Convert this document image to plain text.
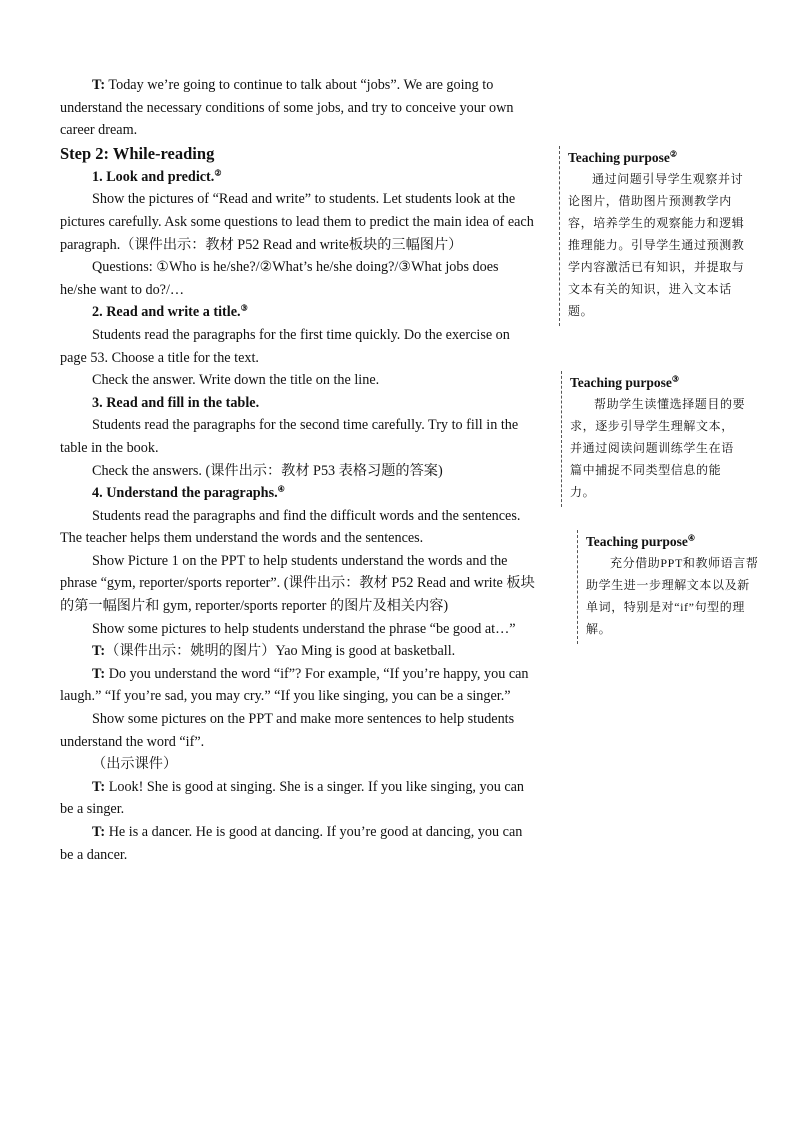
T: Today we’re going to continue to talk about “jobs”. We are going to understand the necessary conditions of some jobs, and try to conceive your own career dream.

Step 2: While-reading

1. Look and predict.②

Show the pictures of “Read and write” to students. Let students look at the pictures carefully. Ask some questions to lead them to predict the main idea of each paragraph.（课件出示：教材 P52 Read and write板块的三幅图片）

Questions: ①Who is he/she?/②What’s he/she doing?/③What jobs does he/she want to do?/…

2. Read and write a title.③

Students read the paragraphs for the first time quickly. Do the exercise on page 53. Choose a title for the text.

Check the answer. Write down the title on the line.

3. Read and fill in the table.

Students read the paragraphs for the second time carefully. Try to fill in the table in the book.

Check the answers. (课件出示：教材 P53 表格习题的答案)

4. Understand the paragraphs.④

Students read the paragraphs and find the difficult words and the sentences. The teacher helps them understand the words and the sentences.

Show Picture 1 on the PPT to help students understand the words and the phrase “gym, reporter/sports reporter”. (课件出示：教材 P52 Read and write 板块的第一幅图片和 gym, reporter/sports reporter 的图片及相关内容)

Show some pictures to help students understand the phrase “be good at…”

T:（课件出示：姚明的图片）Yao Ming is good at basketball.

T: Do you understand the word “if”? For example, “If you’re happy, you can laugh.” “If you’re sad, you may cry.” “If you like singing, you can be a singer.”

Show some pictures on the PPT and make more sentences to help students understand the word “if”.

（出示课件）

T: Look! She is good at singing. She is a singer. If you like singing, you can be a singer.

T: He is a dancer. He is good at dancing. If you’re good at dancing, you can be a dancer.

Teaching purpose②

通过问题引导学生观察并讨论图片，借助图片预测教学内容，培养学生的观察能力和逻辑推理能力。引导学生通过预测教学内容激活已有知识，并提取与文本有关的知识，进入文本话题。

Teaching purpose③

帮助学生读懂选择题目的要求，逐步引导学生理解文本，并通过阅读问题训练学生在语篇中捕捉不同类型信息的能力。

Teaching purpose④

充分借助PPT和教师语言帮助学生进一步理解文本以及新单词，特别是对“if”句型的理解。
